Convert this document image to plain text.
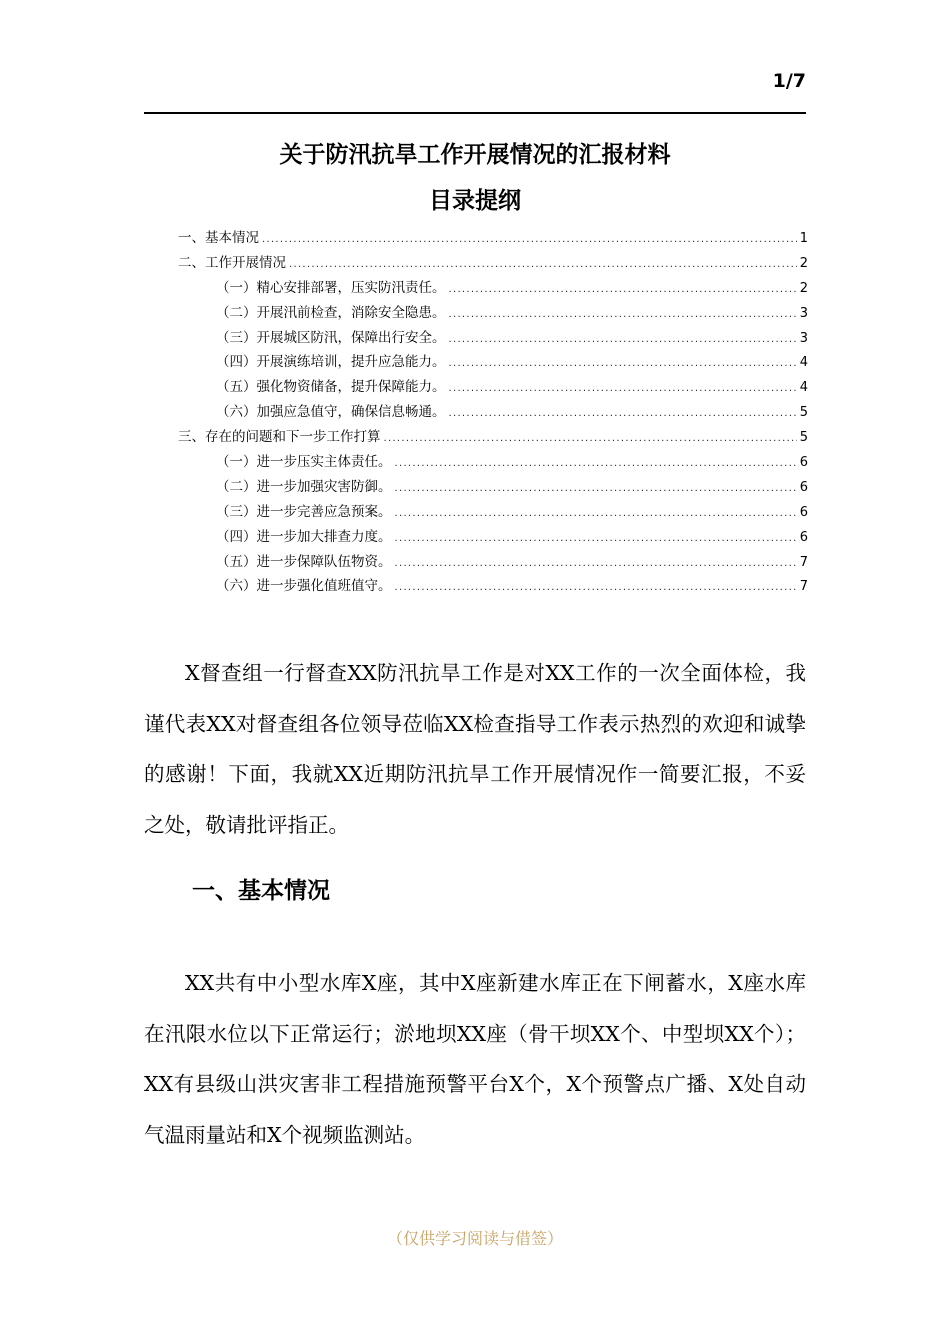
1/7
关于防汛抗旱工作开展情况的汇报材料
目录提纲
一、基本情况 .....	1
二、工作开展情况 .....	2
（一）精心安排部署，压实防汛责任。 .....	2
（二）开展汛前检查，消除安全隐患。 .....	3
（三）开展城区防汛，保障出行安全。 .....	3
（四）开展演练培训，提升应急能力。 .....	4
（五）强化物资储备，提升保障能力。 .....	4
（六）加强应急值守，确保信息畅通。 .....	5
三、存在的问题和下一步工作打算 .....	5
（一）进一步压实主体责任。 .....	6
（二）进一步加强灾害防御。 .....	6
（三）进一步完善应急预案。 .....	6
（四）进一步加大排查力度。 .....	6
（五）进一步保障队伍物资。 .....	7
（六）进一步强化值班值守。 .....	7

X督查组一行督查XX防汛抗旱工作是对XX工作的一次全面体检，我谨代表XX对督查组各位领导莅临XX检查指导工作表示热烈的欢迎和诚挚的感谢！下面，我就XX近期防汛抗旱工作开展情况作一简要汇报，不妥之处，敬请批评指正。

一、基本情况

XX共有中小型水库X座，其中X座新建水库正在下闸蓄水，X座水库在汛限水位以下正常运行；淤地坝XX座（骨干坝XX个、中型坝XX个）；XX有县级山洪灾害非工程措施预警平台X个，X个预警点广播、X处自动气温雨量站和X个视频监测站。

（仅供学习阅读与借签）
